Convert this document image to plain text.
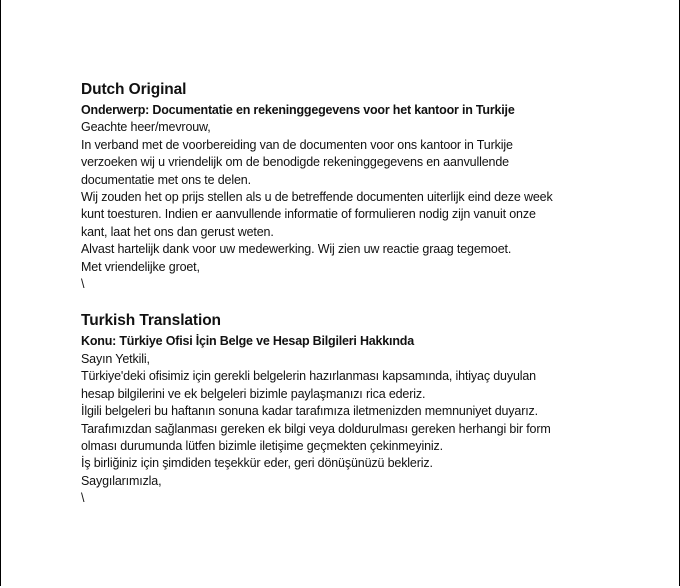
Dutch Original

Onderwerp: Documentatie en rekeninggegevens voor het kantoor in Turkije

Geachte heer/mevrouw,

In verband met de voorbereiding van de documenten voor ons kantoor in Turkije

verzoeken wij u vriendelijk om de benodigde rekeninggegevens en aanvullende

documentatie met ons te delen.

Wij zouden het op prijs stellen als u de betreffende documenten uiterlijk eind deze week

kunt toesturen. Indien er aanvullende informatie of formulieren nodig zijn vanuit onze

kant, laat het ons dan gerust weten.

Alvast hartelijk dank voor uw medewerking. Wij zien uw reactie graag tegemoet.

Met vriendelijke groet,

\

Turkish Translation

Konu: Türkiye Ofisi İçin Belge ve Hesap Bilgileri Hakkında

Sayın Yetkili,

Türkiye'deki ofisimiz için gerekli belgelerin hazırlanması kapsamında, ihtiyaç duyulan

hesap bilgilerini ve ek belgeleri bizimle paylaşmanızı rica ederiz.

İlgili belgeleri bu haftanın sonuna kadar tarafımıza iletmenizden memnuniyet duyarız.

Tarafımızdan sağlanması gereken ek bilgi veya doldurulması gereken herhangi bir form

olması durumunda lütfen bizimle iletişime geçmekten çekinmeyiniz.

İş birliğiniz için şimdiden teşekkür eder, geri dönüşünüzü bekleriz.

Saygılarımızla,

\
